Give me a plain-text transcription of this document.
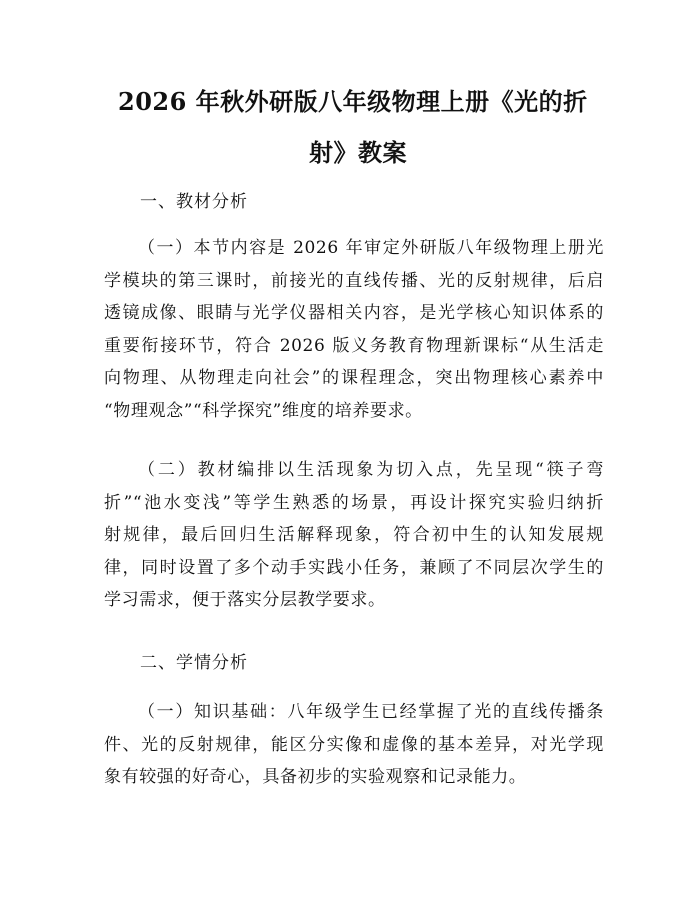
2026 年秋外研版八年级物理上册《光的折
射》教案
一、教材分析
（一）本节内容是 2026 年审定外研版八年级物理上册光
学模块的第三课时，前接光的直线传播、光的反射规律，后启
透镜成像、眼睛与光学仪器相关内容，是光学核心知识体系的
重要衔接环节，符合 2026 版义务教育物理新课标“从生活走
向物理、从物理走向社会”的课程理念，突出物理核心素养中
“物理观念”“科学探究”维度的培养要求。
（二）教材编排以生活现象为切入点，先呈现“筷子弯
折”“池水变浅”等学生熟悉的场景，再设计探究实验归纳折
射规律，最后回归生活解释现象，符合初中生的认知发展规
律，同时设置了多个动手实践小任务，兼顾了不同层次学生的
学习需求，便于落实分层教学要求。
二、学情分析
（一）知识基础：八年级学生已经掌握了光的直线传播条
件、光的反射规律，能区分实像和虚像的基本差异，对光学现
象有较强的好奇心，具备初步的实验观察和记录能力。
